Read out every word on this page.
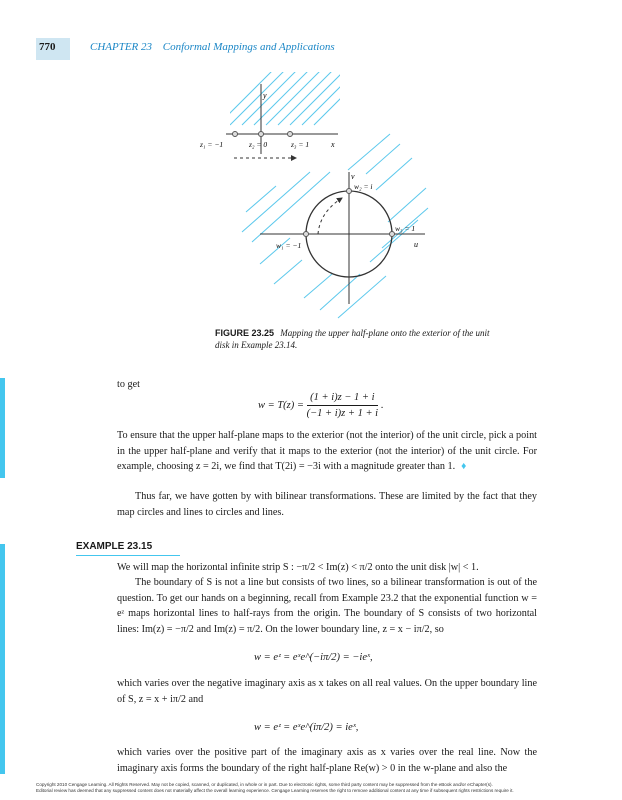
770	CHAPTER 23 Conformal Mappings and Applications
y
x
z₁ = −1	z₂ = 0	z₃ = 1
v
u
w₁ = −1
w₂ = i
w₃ = 1
FIGURE 23.25 Mapping the upper half-plane onto the exterior of the unit disk in Example 23.14.
to get
$w = T(z) = \frac{(1 + i)z - 1 + i}{(-1 + i)z + 1 + i}$ .
To ensure that the upper half-plane maps to the exterior (not the interior) of the unit circle, pick a point in the upper half-plane and verify that it maps to the exterior (not the interior) of the unit circle. For example, choosing z = 2i, we find that T(2i) = −3i with a magnitude greater than 1. ♦
Thus far, we have gotten by with bilinear transformations. These are limited by the fact that they map circles and lines to circles and lines.
EXAMPLE 23.15
We will map the horizontal infinite strip S : −π/2 < Im(z) < π/2 onto the unit disk |w| < 1.
The boundary of S is not a line but consists of two lines, so a bilinear transformation is out of the question. To get our hands on a beginning, recall from Example 23.2 that the exponential function w = eᶻ maps horizontal lines to half-rays from the origin. The boundary of S consists of two horizontal lines: Im(z) = −π/2 and Im(z) = π/2. On the lower boundary line, z = x − iπ/2, so
w = eᶻ = eˣe^(−iπ/2) = −ieˣ,
which varies over the negative imaginary axis as x takes on all real values. On the upper boundary line of S, z = x + iπ/2 and
w = eᶻ = eˣe^(iπ/2) = ieˣ,
which varies over the positive part of the imaginary axis as x varies over the real line. Now the imaginary axis forms the boundary of the right half-plane Re(w) > 0 in the w-plane and also the
Copyright 2010 Cengage Learning. All Rights Reserved. May not be copied, scanned, or duplicated, in whole or in part. Due to electronic rights, some third party content may be suppressed from the eBook and/or eChapter(s).
Editorial review has deemed that any suppressed content does not materially affect the overall learning experience. Cengage Learning reserves the right to remove additional content at any time if subsequent rights restrictions require it.
